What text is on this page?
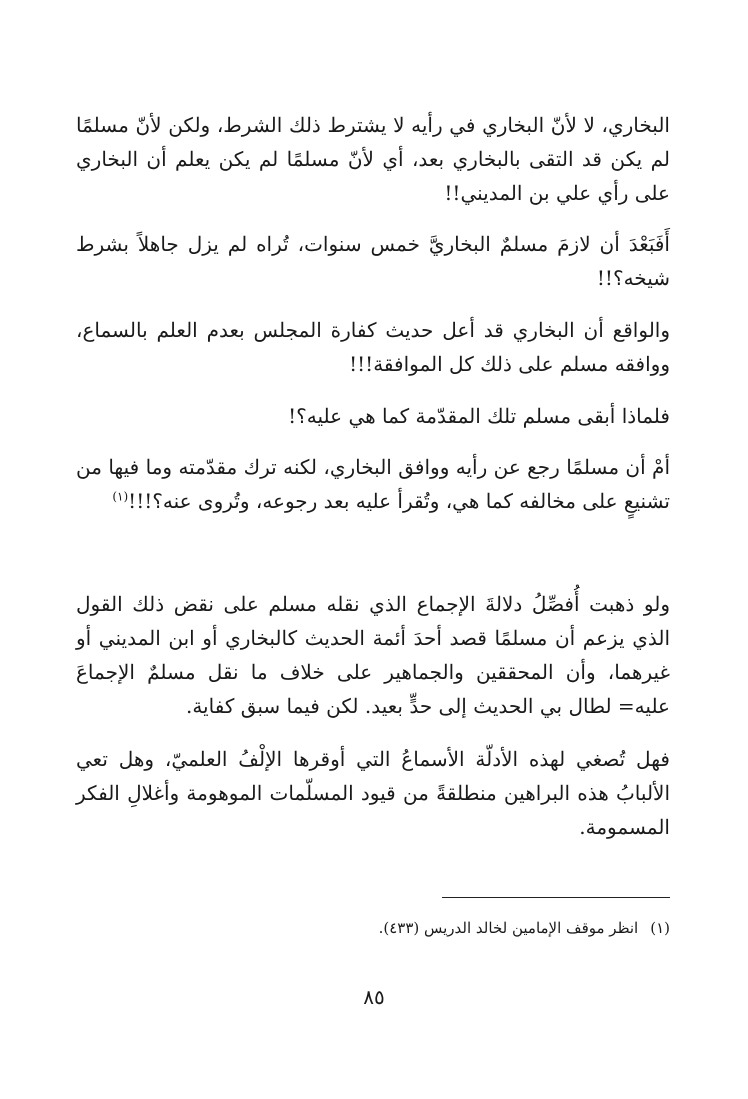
البخاري، لا لأنّ البخاري في رأيه لا يشترط ذلك الشرط، ولكن لأنّ مسلمًا لم يكن قد التقى بالبخاري بعد، أي لأنّ مسلمًا لم يكن يعلم أن البخاري على رأي علي بن المديني!!

أَفَبَعْدَ أن لازمَ مسلمٌ البخاريَّ خمس سنوات، تُراه لم يزل جاهلاً بشرط شيخه؟!!

والواقع أن البخاري قد أعل حديث كفارة المجلس بعدم العلم بالسماع، ووافقه مسلم على ذلك كل الموافقة!!!

فلماذا أبقى مسلم تلك المقدّمة كما هي عليه؟!

أمْ أن مسلمًا رجع عن رأيه ووافق البخاري، لكنه ترك مقدّمته وما فيها من تشنيعٍ على مخالفه كما هي، وتُقرأ عليه بعد رجوعه، وتُروى عنه؟!!!$^{(١)}$

ولو ذهبت أُفصِّلُ دلالةَ الإجماع الذي نقله مسلم على نقض ذلك القول الذي يزعم أن مسلمًا قصد أحدَ أئمة الحديث كالبخاري أو ابن المديني أو غيرهما، وأن المحققين والجماهير على خلاف ما نقل مسلمٌ الإجماعَ عليه= لطال بي الحديث إلى حدٍّ بعيد. لكن فيما سبق كفاية.

فهل تُصغي لهذه الأدلّة الأسماعُ التي أوقرها الإلْفُ العلميّ، وهل تعي الألبابُ هذه البراهين منطلقةً من قيود المسلّمات الموهومة وأغلالِ الفكر المسمومة.

(١)انظر موقف الإمامين لخالد الدريس (٤٣٣).
٨٥
